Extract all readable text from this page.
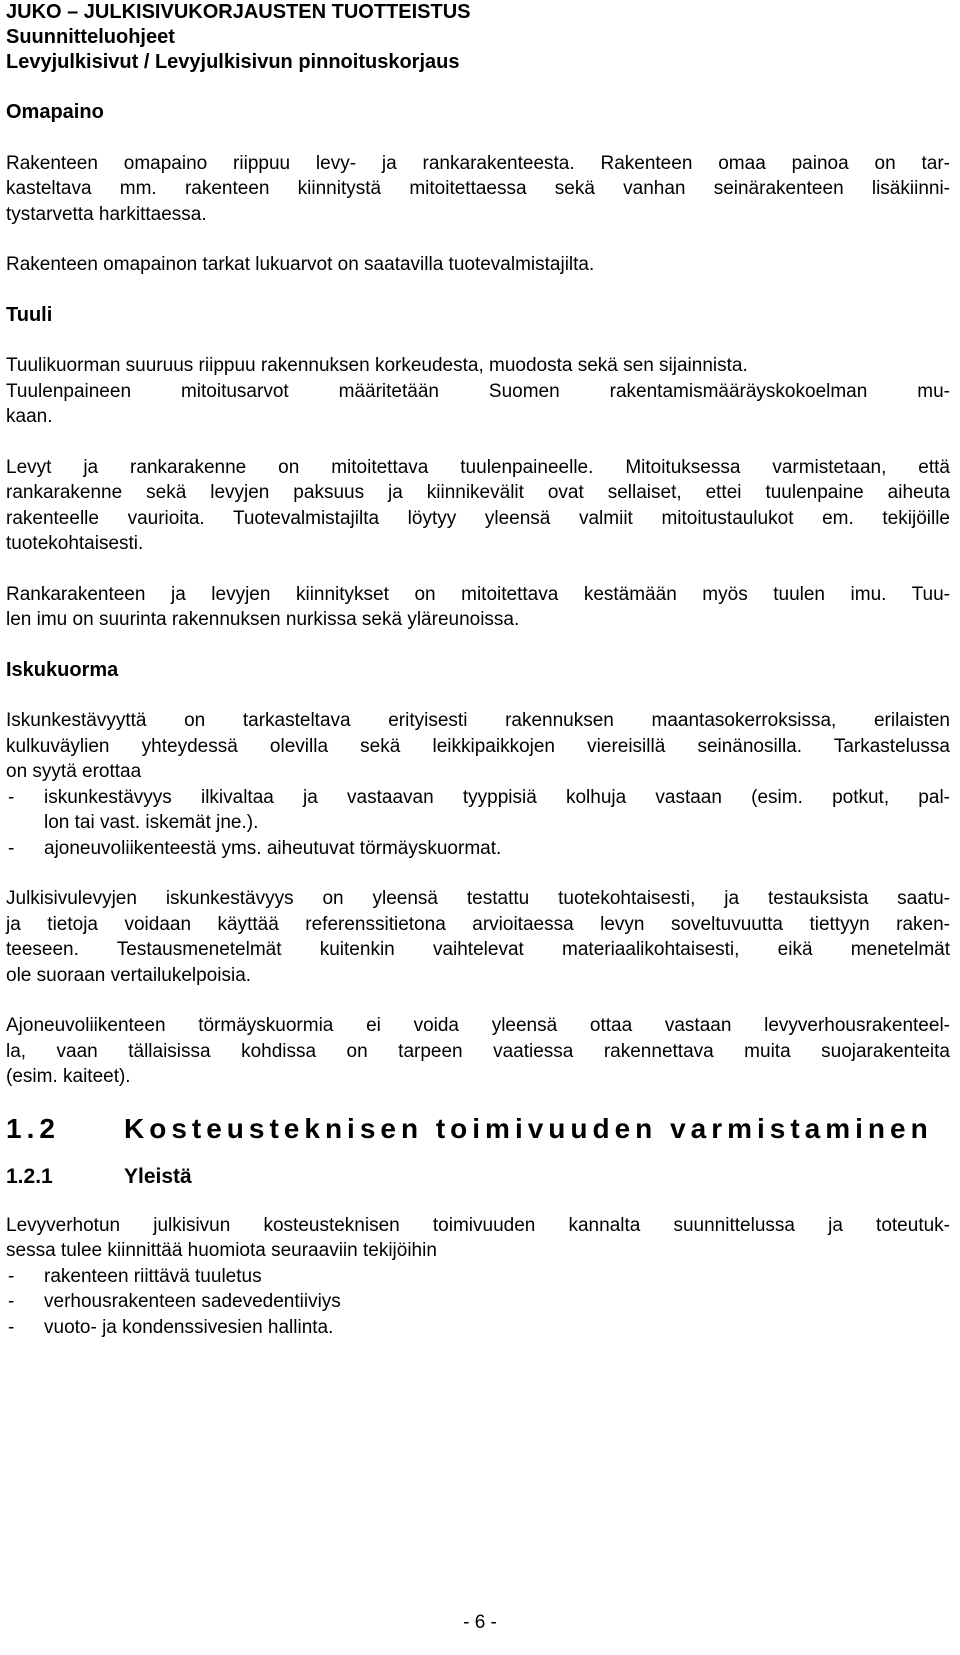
JUKO – JULKISIVUKORJAUSTEN TUOTTEISTUS
Suunnitteluohjeet
Levyjulkisivut / Levyjulkisivun pinnoituskorjaus
Omapaino
Rakenteen omapaino riippuu levy- ja rankarakenteesta. Rakenteen omaa painoa on tar-
kasteltava mm. rakenteen kiinnitystä mitoitettaessa sekä vanhan seinärakenteen lisäkiinni-
tystarvetta harkittaessa.
Rakenteen omapainon tarkat lukuarvot on saatavilla tuotevalmistajilta.
Tuuli
Tuulikuorman suuruus riippuu rakennuksen korkeudesta, muodosta sekä sen sijainnista.
Tuulenpaineen mitoitusarvot määritetään Suomen rakentamismääräyskokoelman mu-
kaan.
Levyt ja rankarakenne on mitoitettava tuulenpaineelle. Mitoituksessa varmistetaan, että
rankarakenne sekä levyjen paksuus ja kiinnikevälit ovat sellaiset, ettei tuulenpaine aiheuta
rakenteelle vaurioita. Tuotevalmistajilta löytyy yleensä valmiit mitoitustaulukot em. tekijöille
tuotekohtaisesti.
Rankarakenteen ja levyjen kiinnitykset on mitoitettava kestämään myös tuulen imu. Tuu-
len imu on suurinta rakennuksen nurkissa sekä yläreunoissa.
Iskukuorma
Iskunkestävyyttä on tarkasteltava erityisesti rakennuksen maantasokerroksissa, erilaisten
kulkuväylien yhteydessä olevilla sekä leikkipaikkojen viereisillä seinänosilla. Tarkastelussa
on syytä erottaa
-	iskunkestävyys ilkivaltaa ja vastaavan tyyppisiä kolhuja vastaan (esim. potkut, pal-
lon tai vast. iskemät jne.).
-	ajoneuvoliikenteestä yms. aiheutuvat törmäyskuormat.
Julkisivulevyjen iskunkestävyys on yleensä testattu tuotekohtaisesti, ja testauksista saatu-
ja tietoja voidaan käyttää referenssitietona arvioitaessa levyn soveltuvuutta tiettyyn raken-
teeseen. Testausmenetelmät kuitenkin vaihtelevat materiaalikohtaisesti, eikä menetelmät
ole suoraan vertailukelpoisia.
Ajoneuvoliikenteen törmäyskuormia ei voida yleensä ottaa vastaan levyverhousrakenteel-
la, vaan tällaisissa kohdissa on tarpeen vaatiessa rakennettava muita suojarakenteita
(esim. kaiteet).
1.2	Kosteusteknisen toimivuuden varmistaminen
1.2.1	Yleistä
Levyverhotun julkisivun kosteusteknisen toimivuuden kannalta suunnittelussa ja toteutuk-
sessa tulee kiinnittää huomiota seuraaviin tekijöihin
-	rakenteen riittävä tuuletus
-	verhousrakenteen sadevedentiiviys
-	vuoto- ja kondenssivesien hallinta.
- 6 -
